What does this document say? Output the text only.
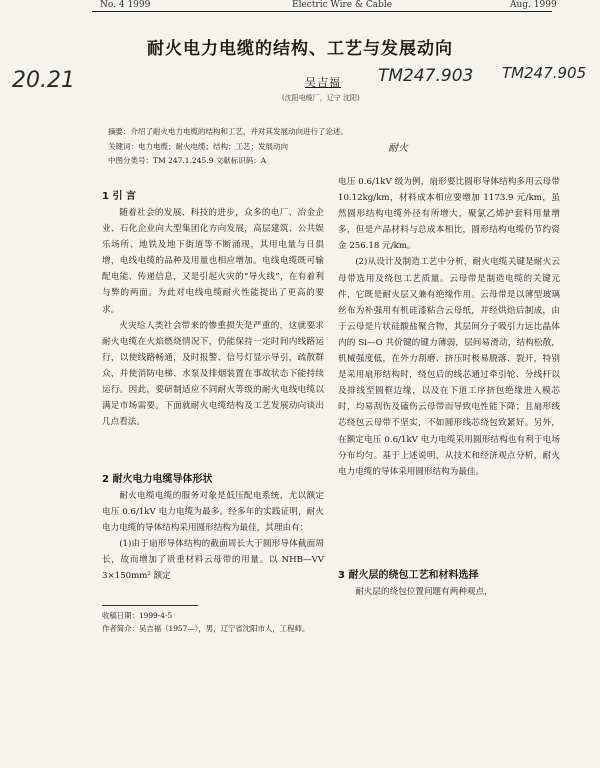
No. 4 1999	Electric Wire & Cable	Aug. 1999
耐火电力电缆的结构、工艺与发展动向
20.21	TM247.903 TM247.905
吴吉福
(沈阳电缆厂，辽宁 沈阳)
摘要：介绍了耐火电力电缆的结构和工艺，并对其发展动向进行了论述。
关键词：电力电缆；耐火电缆；结构；工艺；发展动向	耐火
中图分类号：TM 247.1.245.9 文献标识码：A
1 引 言

随着社会的发展、科技的进步，众多的电厂、冶金企业、石化企业向大型集团化方向发展，高层建筑、公共娱乐场所、地铁及地下街道等不断涌现，其用电量与日俱增，电线电缆的品种及用量也相应增加。电线电缆既可输配电能、传递信息，又是引起火灾的“导火线”，在有着利与弊的两面。为此对电线电缆耐火性能提出了更高的要求。

火灾给人类社会带来的惨重损失是严重的，这就要求耐火电缆在火焰燃烧情况下，仍能保持一定时间内线路运行，以使线路畅通，及时报警、信号灯显示导引，疏散群众，并使消防电梯、水泵及排烟装置在事故状态下能持续运行。因此，要研制适应不同耐火等级的耐火电线电缆以满足市场需要。下面就耐火电缆结构及工艺发展动向谈出几点看法。

2 耐火电力电缆导体形状

耐火电缆电缆的服务对象是低压配电系统，尤以额定电压 0.6/1kV 电力电缆为最多。经多年的实践证明，耐火电力电缆的导体结构采用圆形结构为最佳，其理由有：

(1)由于扇形导体结构的截面周长大于圆形导体截面周长，故而增加了贵重材料云母带的用量。以 NHB—VV 3×150mm² 额定

收稿日期：1999-4-5
作者简介：吴吉福（1957—），男，辽宁省沈阳市人，工程师。

电压 0.6/1kV 级为例，扇形要比圆形导体结构多用云母带 10.12kg/km，材料成本相应要增加 1173.9 元/km，虽然圆形结构电缆外径有所增大，聚氯乙烯护套料用量增多，但是产品材料与总成本相比，圆形结构电缆仍节约资金 256.18 元/km。

(2)从设计及制造工艺中分析，耐火电缆关键是耐火云母带选用及绕包工艺质量。云母带是制造电缆的关键元件，它既是耐火层又兼有绝缘作用。云母带是以薄型玻璃丝布为补强用有机硅漆粘合云母纸，并经烘焙后制成，由于云母是片状硅酸盐聚合物，其层间分子吸引力远比晶体内的 Si—O 共价键的键力薄弱，层间易滑动，结构松散，机械强度低，在外力刮磨、挤压时极易脱落、裂开，特别是采用扇形结构时，绕包后的线芯通过牵引轮、分线杆以及排线至圆框边缘，以及在下道工序挤包绝缘进入模芯时，均易刮伤及磕伤云母带而导致电性能下降；且扇形线芯绕包云母带不坚实，不如圆形线芯绕包致紧好。另外，在额定电压 0.6/1kV 电力电缆采用圆形结构也有利于电场分布均匀。基于上述说明，从技术和经济观点分析，耐火电力电缆的导体采用圆形结构为最佳。

3 耐火层的绕包工艺和材料选择

耐火层的绕包位置问题有两种观点，
